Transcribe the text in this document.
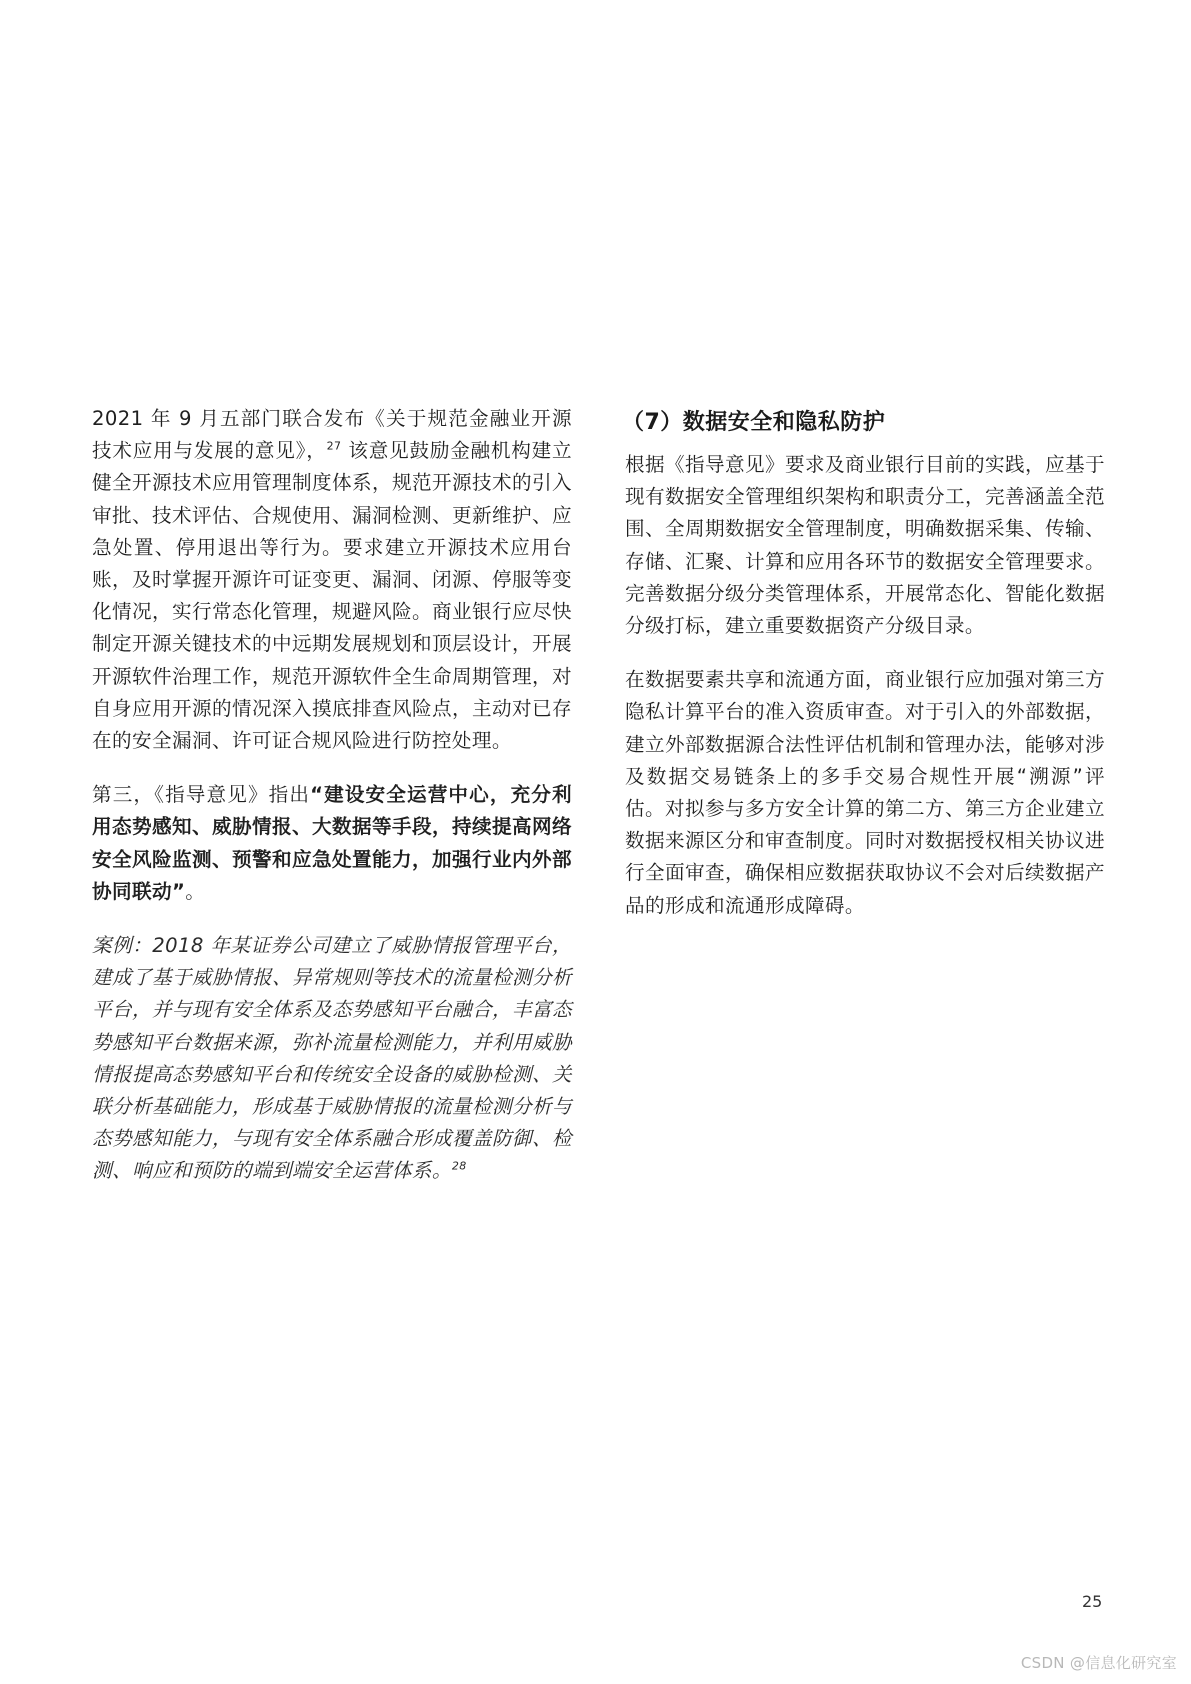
2021 年 9 月五部门联合发布《关于规范金融业开源技术应用与发展的意见》，$^{27}$ 该意见鼓励金融机构建立健全开源技术应用管理制度体系，规范开源技术的引入审批、技术评估、合规使用、漏洞检测、更新维护、应急处置、停用退出等行为。要求建立开源技术应用台账，及时掌握开源许可证变更、漏洞、闭源、停服等变化情况，实行常态化管理，规避风险。商业银行应尽快制定开源关键技术的中远期发展规划和顶层设计，开展开源软件治理工作，规范开源软件全生命周期管理，对自身应用开源的情况深入摸底排查风险点，主动对已存在的安全漏洞、许可证合规风险进行防控处理。

第三，《指导意见》指出“建设安全运营中心，充分利用态势感知、威胁情报、大数据等手段，持续提高网络安全风险监测、预警和应急处置能力，加强行业内外部协同联动”。

案例：2018 年某证券公司建立了威胁情报管理平台，建成了基于威胁情报、异常规则等技术的流量检测分析平台，并与现有安全体系及态势感知平台融合，丰富态势感知平台数据来源，弥补流量检测能力，并利用威胁情报提高态势感知平台和传统安全设备的威胁检测、关联分析基础能力，形成基于威胁情报的流量检测分析与态势感知能力，与现有安全体系融合形成覆盖防御、检测、响应和预防的端到端安全运营体系。$^{28}$

（7）数据安全和隐私防护

根据《指导意见》要求及商业银行目前的实践，应基于现有数据安全管理组织架构和职责分工，完善涵盖全范围、全周期数据安全管理制度，明确数据采集、传输、存储、汇聚、计算和应用各环节的数据安全管理要求。完善数据分级分类管理体系，开展常态化、智能化数据分级打标，建立重要数据资产分级目录。

在数据要素共享和流通方面，商业银行应加强对第三方隐私计算平台的准入资质审查。对于引入的外部数据，建立外部数据源合法性评估机制和管理办法，能够对涉及数据交易链条上的多手交易合规性开展“溯源”评估。对拟参与多方安全计算的第二方、第三方企业建立数据来源区分和审查制度。同时对数据授权相关协议进行全面审查，确保相应数据获取协议不会对后续数据产品的形成和流通形成障碍。

25
CSDN @信息化研究室
